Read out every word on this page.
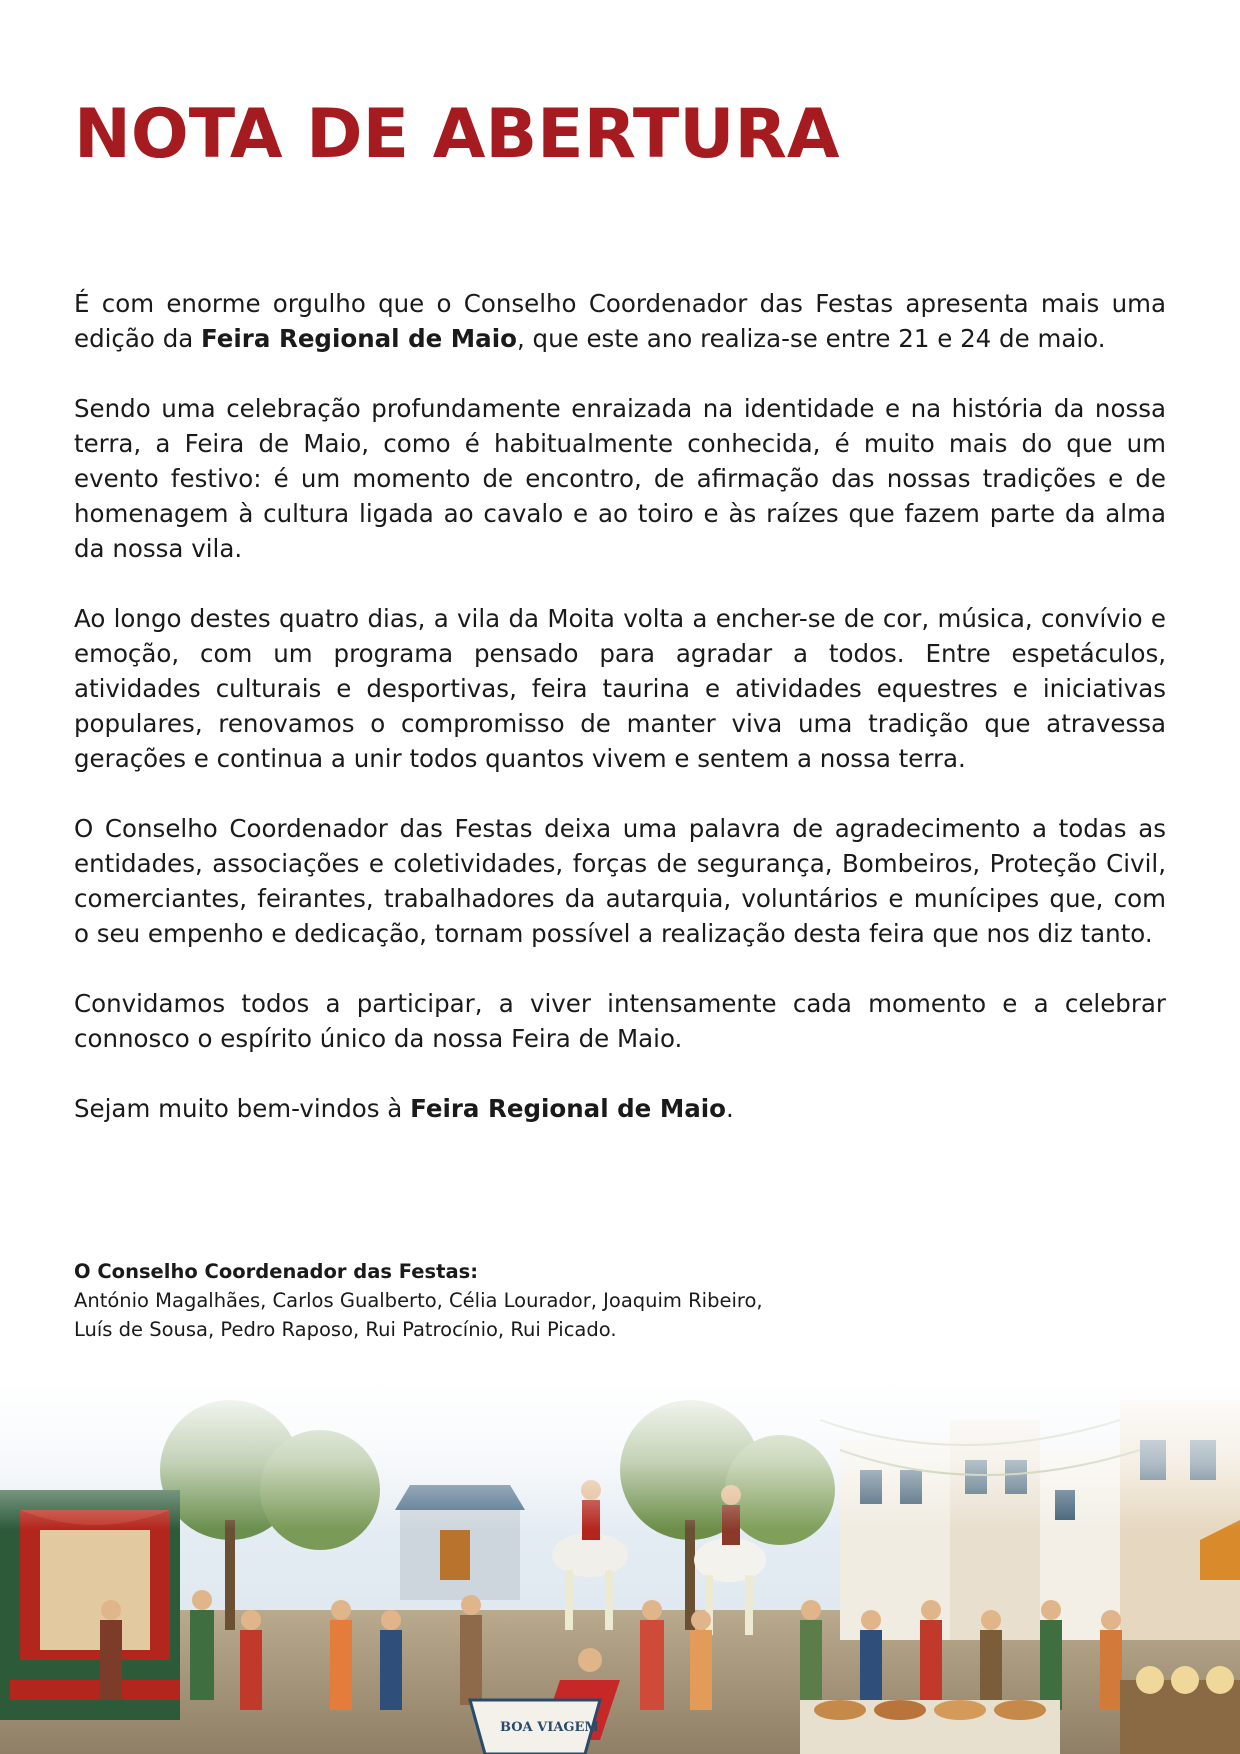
NOTA DE ABERTURA

É com enorme orgulho que o Conselho Coordenador das Festas apresenta mais uma edição da Feira Regional de Maio, que este ano realiza-se entre 21 e 24 de maio.

Sendo uma celebração profundamente enraizada na identidade e na história da nossa terra, a Feira de Maio, como é habitualmente conhecida, é muito mais do que um evento festivo: é um momento de encontro, de afirmação das nossas tradições e de homenagem à cultura ligada ao cavalo e ao toiro e às raízes que fazem parte da alma da nossa vila.

Ao longo destes quatro dias, a vila da Moita volta a encher-se de cor, música, convívio e emoção, com um programa pensado para agradar a todos. Entre espetáculos, atividades culturais e desportivas, feira taurina e atividades equestres e iniciativas populares, renovamos o compromisso de manter viva uma tradição que atravessa gerações e continua a unir todos quantos vivem e sentem a nossa terra.

O Conselho Coordenador das Festas deixa uma palavra de agradecimento a todas as entidades, associações e coletividades, forças de segurança, Bombeiros, Proteção Civil, comerciantes, feirantes, trabalhadores da autarquia, voluntários e munícipes que, com o seu empenho e dedicação, tornam possível a realização desta feira que nos diz tanto.

Convidamos todos a participar, a viver intensamente cada momento e a celebrar connosco o espírito único da nossa Feira de Maio.

Sejam muito bem-vindos à Feira Regional de Maio.

O Conselho Coordenador das Festas:
António Magalhães, Carlos Gualberto, Célia Lourador, Joaquim Ribeiro,
Luís de Sousa, Pedro Raposo, Rui Patrocínio, Rui Picado.
